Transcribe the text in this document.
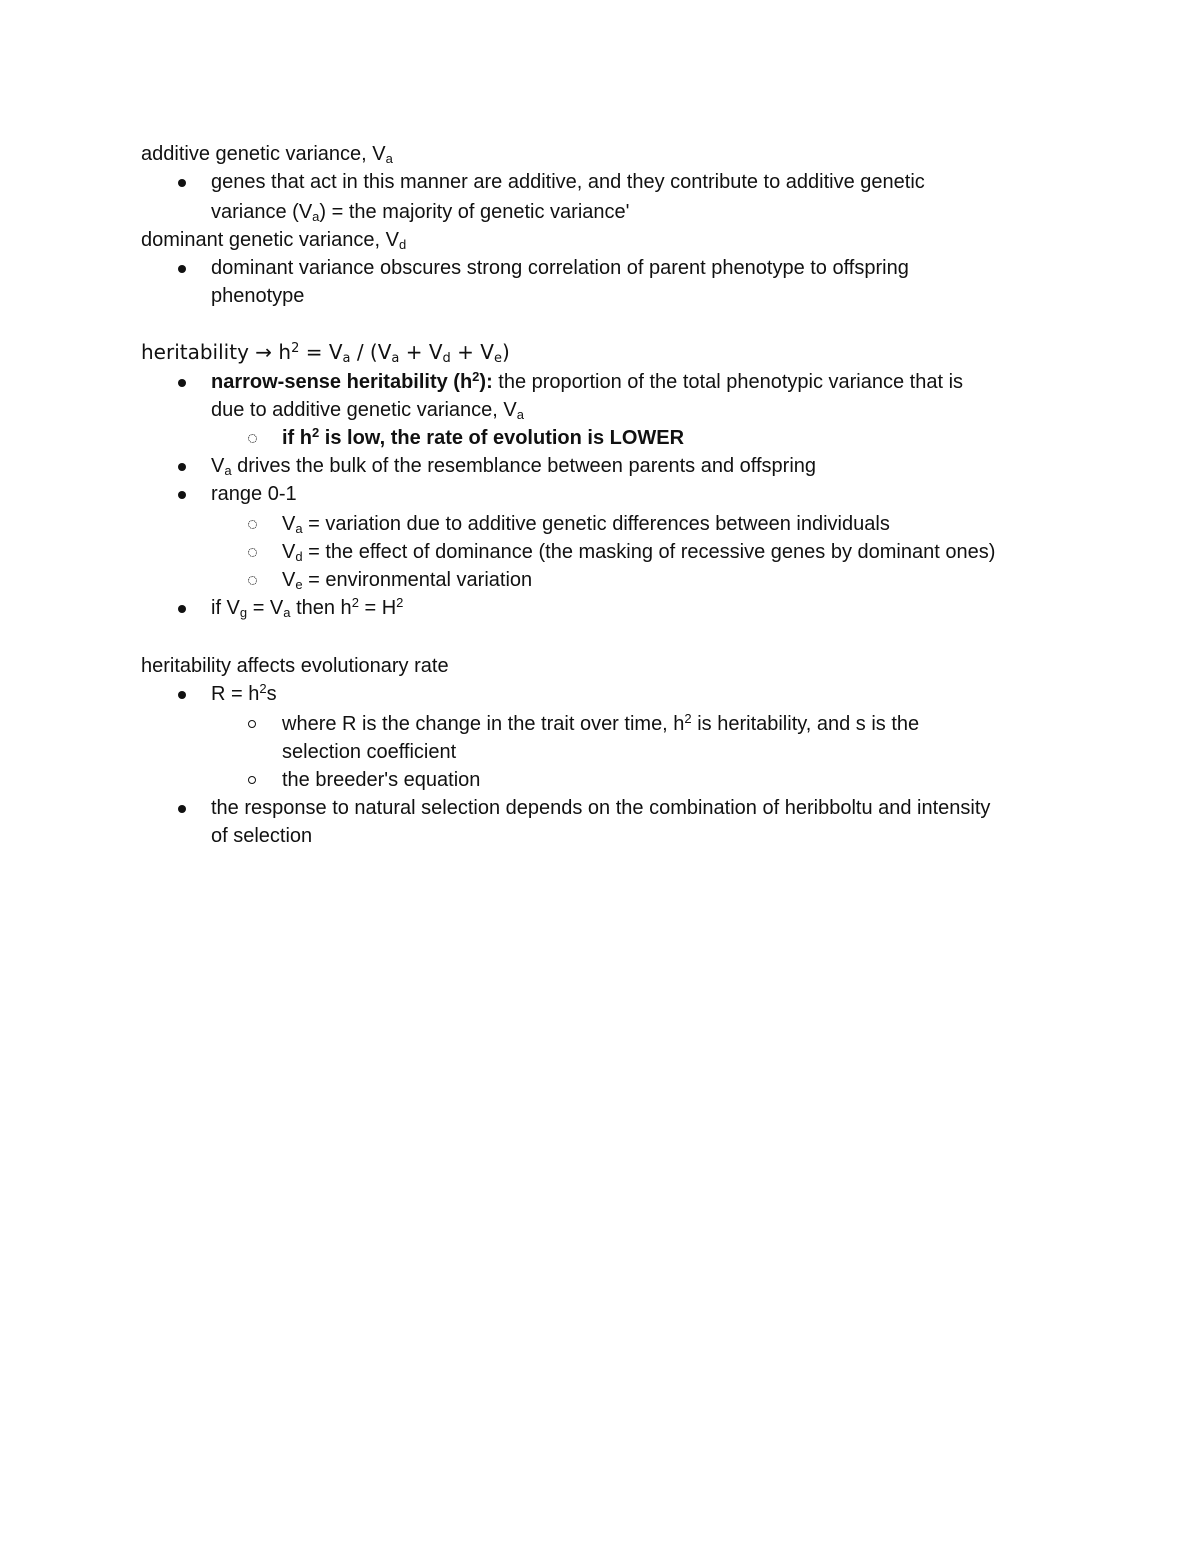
additive genetic variance, $V_a$
genes that act in this manner are additive, and they contribute to additive genetic
variance $(V_a)$ = the majority of genetic variance'
dominant genetic variance, $V_d$
dominant variance obscures strong correlation of parent phenotype to offspring
phenotype
heritability → $h^2 = V_a / (V_a + V_d + V_e)$
narrow-sense heritability $(h^2)$: the proportion of the total phenotypic variance that is
due to additive genetic variance, $V_a$
if $h^2$ is low, the rate of evolution is LOWER
$V_a$ drives the bulk of the resemblance between parents and offspring
range 0-1
$V_a$ = variation due to additive genetic differences between individuals
$V_d$ = the effect of dominance (the masking of recessive genes by dominant ones)
$V_e$ = environmental variation
if $V_g = V_a$ then $h^2 = H^2$
heritability affects evolutionary rate
$R = h^2s$
where R is the change in the trait over time, $h^2$ is heritability, and s is the
selection coefficient
the breeder's equation
the response to natural selection depends on the combination of heribboltu and intensity
of selection
